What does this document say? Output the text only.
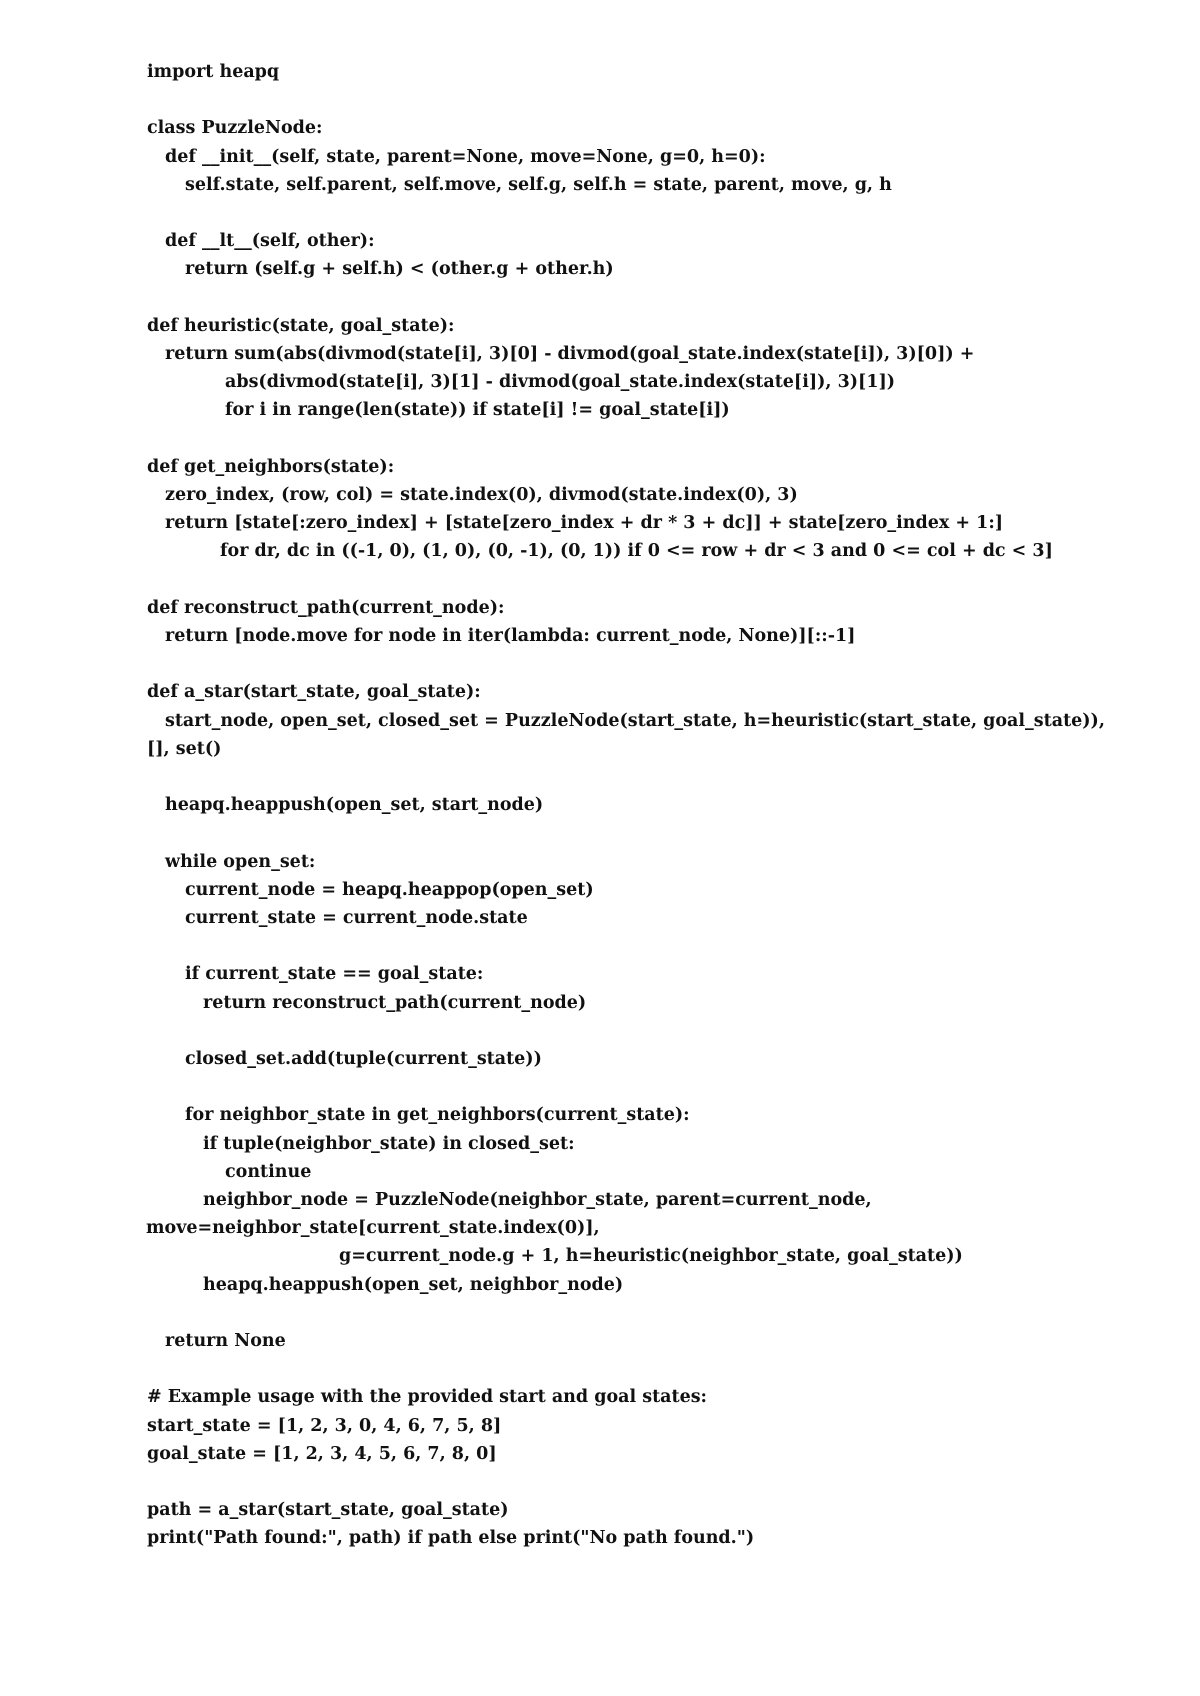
import heapq
class PuzzleNode:
def __init__(self, state, parent=None, move=None, g=0, h=0):
self.state, self.parent, self.move, self.g, self.h = state, parent, move, g, h
def __lt__(self, other):
return (self.g + self.h) < (other.g + other.h)
def heuristic(state, goal_state):
return sum(abs(divmod(state[i], 3)[0] - divmod(goal_state.index(state[i]), 3)[0]) +
abs(divmod(state[i], 3)[1] - divmod(goal_state.index(state[i]), 3)[1])
for i in range(len(state)) if state[i] != goal_state[i])
def get_neighbors(state):
zero_index, (row, col) = state.index(0), divmod(state.index(0), 3)
return [state[:zero_index] + [state[zero_index + dr * 3 + dc]] + state[zero_index + 1:]
for dr, dc in ((-1, 0), (1, 0), (0, -1), (0, 1)) if 0 <= row + dr < 3 and 0 <= col + dc < 3]
def reconstruct_path(current_node):
return [node.move for node in iter(lambda: current_node, None)][::-1]
def a_star(start_state, goal_state):
start_node, open_set, closed_set = PuzzleNode(start_state, h=heuristic(start_state, goal_state)),
[], set()
heapq.heappush(open_set, start_node)
while open_set:
current_node = heapq.heappop(open_set)
current_state = current_node.state
if current_state == goal_state:
return reconstruct_path(current_node)
closed_set.add(tuple(current_state))
for neighbor_state in get_neighbors(current_state):
if tuple(neighbor_state) in closed_set:
continue
neighbor_node = PuzzleNode(neighbor_state, parent=current_node,
move=neighbor_state[current_state.index(0)],
g=current_node.g + 1, h=heuristic(neighbor_state, goal_state))
heapq.heappush(open_set, neighbor_node)
return None
# Example usage with the provided start and goal states:
start_state = [1, 2, 3, 0, 4, 6, 7, 5, 8]
goal_state = [1, 2, 3, 4, 5, 6, 7, 8, 0]
path = a_star(start_state, goal_state)
print("Path found:", path) if path else print("No path found.")
